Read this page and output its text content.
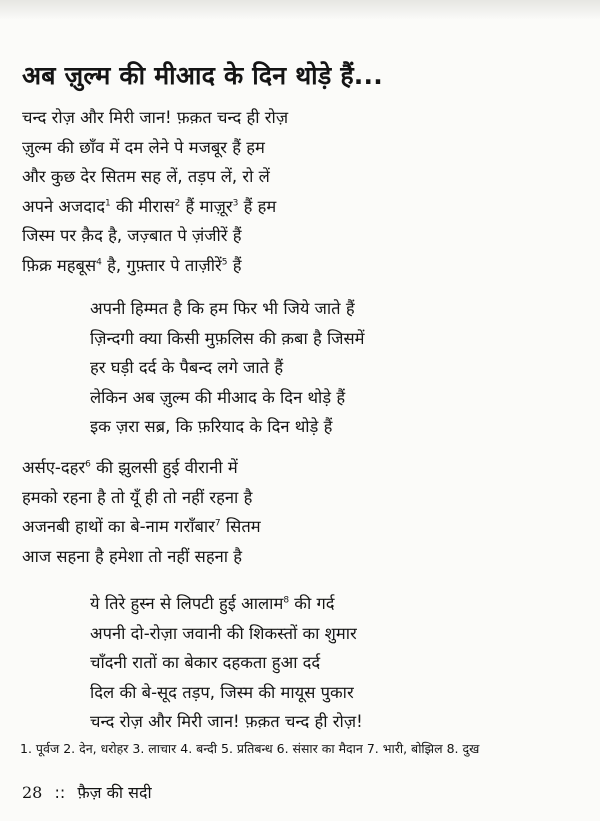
अब ज़ुल्म की मीआद के दिन थोड़े हैं...
चन्द रोज़ और मिरी जान! फ़क़त चन्द ही रोज़
ज़ुल्म की छाँव में दम लेने पे मजबूर हैं हम
और कुछ देर सितम सह लें, तड़प लें, रो लें
अपने अजदाद$^1$ की मीरास$^2$ हैं माज़ूर$^3$ हैं हम
जिस्म पर क़ैद है, जज़्बात पे ज़ंजीरें हैं
फ़िक्र महबूस$^4$ है, गुफ़्तार पे ताज़ीरें$^5$ हैं
अपनी हिम्मत है कि हम फिर भी जिये जाते हैं
ज़िन्दगी क्या किसी मुफ़लिस की क़बा है जिसमें
हर घड़ी दर्द के पैबन्द लगे जाते हैं
लेकिन अब ज़ुल्म की मीआद के दिन थोड़े हैं
इक ज़रा सब्र, कि फ़रियाद के दिन थोड़े हैं
अर्सए-दहर$^6$ की झुलसी हुई वीरानी में
हमको रहना है तो यूँ ही तो नहीं रहना है
अजनबी हाथों का बे-नाम गराँबार$^7$ सितम
आज सहना है हमेशा तो नहीं सहना है
ये तिरे हुस्न से लिपटी हुई आलाम$^8$ की गर्द
अपनी दो-रोज़ा जवानी की शिकस्तों का शुमार
चाँदनी रातों का बेकार दहकता हुआ दर्द
दिल की बे-सूद तड़प, जिस्म की मायूस पुकार
चन्द रोज़ और मिरी जान! फ़क़त चन्द ही रोज़!
1. पूर्वज 2. देन, धरोहर 3. लाचार 4. बन्दी 5. प्रतिबन्ध 6. संसार का मैदान 7. भारी, बोझिल 8. दुख
28 :: फ़ैज़ की सदी
